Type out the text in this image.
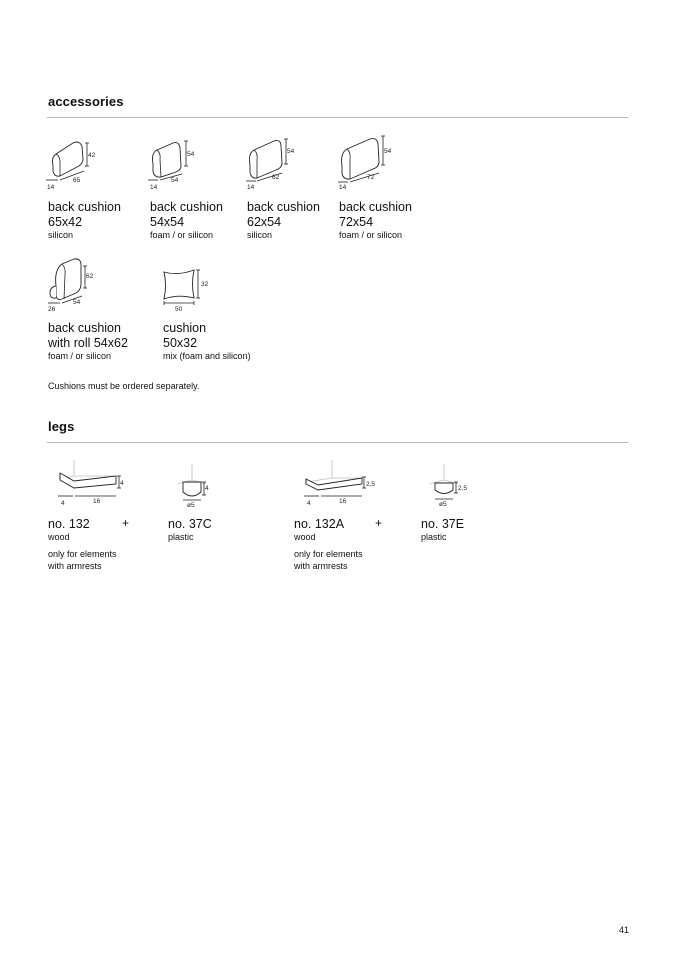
accessories
42
65
14
back cushion
65x42
silicon
54
54
14
back cushion
54x54
foam / or silicon
54
62
14
back cushion
62x54
silicon
54
72
14
back cushion
72x54
foam / or silicon
62
54
26
back cushion
with roll 54x62
foam / or silicon
32
50
cushion
50x32
mix (foam and silicon)
Cushions must be ordered separately.
legs
4
16
4
no. 132
wood
only for elements
with armrests
+
4
ø5
no. 37C
plastic
2,5
16
4
no. 132A
wood
only for elements
with armrests
+
2,5
ø5
no. 37E
plastic
41
